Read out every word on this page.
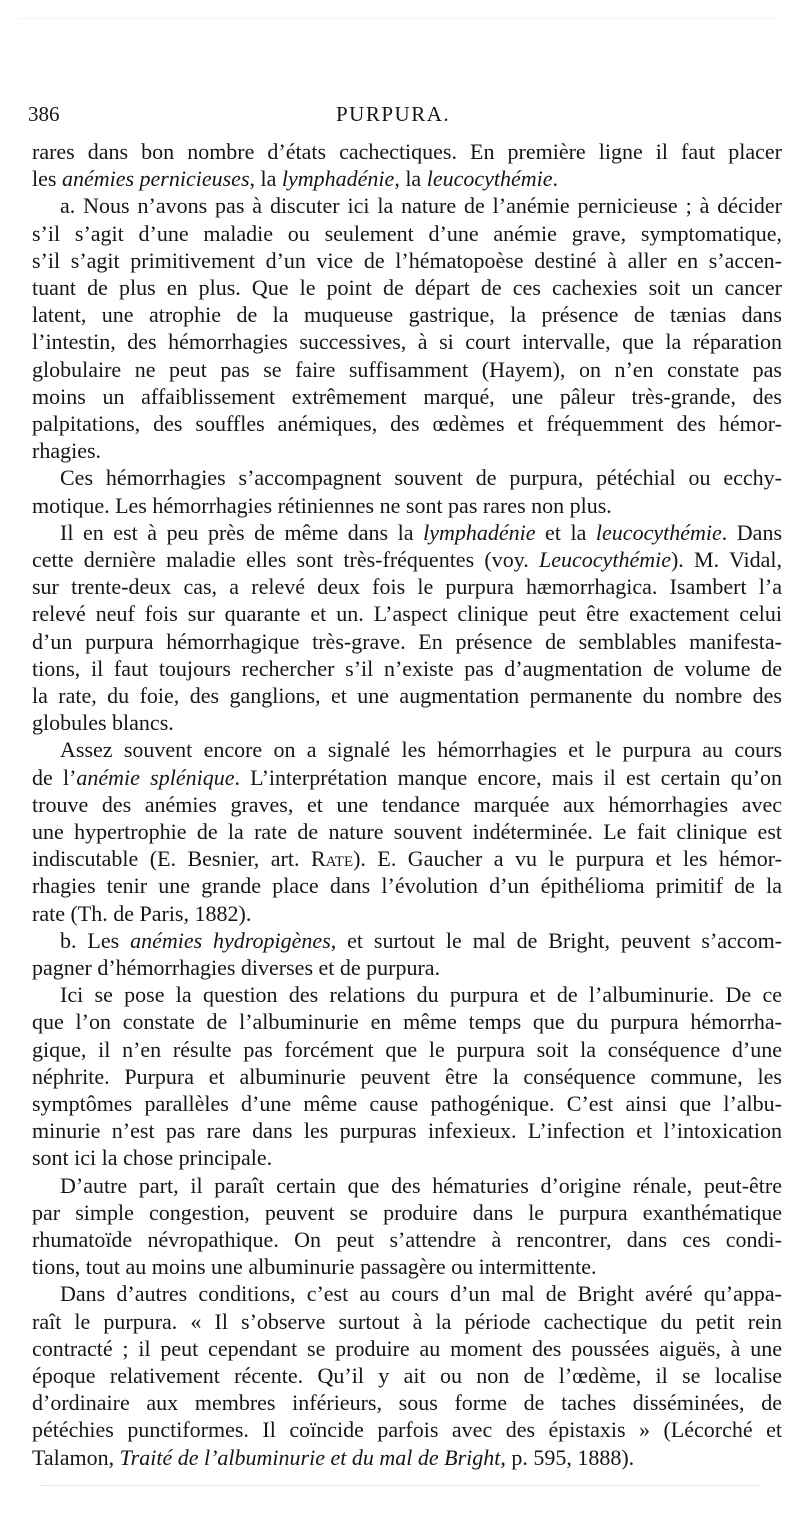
386	PURPURA.
rares dans bon nombre d’états cachectiques. En première ligne il faut placer
les anémies pernicieuses, la lymphadénie, la leucocythémie.
a. Nous n’avons pas à discuter ici la nature de l’anémie pernicieuse ; à décider
s’il s’agit d’une maladie ou seulement d’une anémie grave, symptomatique,
s’il s’agit primitivement d’un vice de l’hématopoèse destiné à aller en s’accen-
tuant de plus en plus. Que le point de départ de ces cachexies soit un cancer
latent, une atrophie de la muqueuse gastrique, la présence de tænias dans
l’intestin, des hémorrhagies successives, à si court intervalle, que la réparation
globulaire ne peut pas se faire suffisamment (Hayem), on n’en constate pas
moins un affaiblissement extrêmement marqué, une pâleur très-grande, des
palpitations, des souffles anémiques, des œdèmes et fréquemment des hémor-
rhagies.
Ces hémorrhagies s’accompagnent souvent de purpura, pétéchial ou ecchy-
motique. Les hémorrhagies rétiniennes ne sont pas rares non plus.
Il en est à peu près de même dans la lymphadénie et la leucocythémie. Dans
cette dernière maladie elles sont très-fréquentes (voy. Leucocythémie). M. Vidal,
sur trente-deux cas, a relevé deux fois le purpura hæmorrhagica. Isambert l’a
relevé neuf fois sur quarante et un. L’aspect clinique peut être exactement celui
d’un purpura hémorrhagique très-grave. En présence de semblables manifesta-
tions, il faut toujours rechercher s’il n’existe pas d’augmentation de volume de
la rate, du foie, des ganglions, et une augmentation permanente du nombre des
globules blancs.
Assez souvent encore on a signalé les hémorrhagies et le purpura au cours
de l’anémie splénique. L’interprétation manque encore, mais il est certain qu’on
trouve des anémies graves, et une tendance marquée aux hémorrhagies avec
une hypertrophie de la rate de nature souvent indéterminée. Le fait clinique est
indiscutable (E. Besnier, art. Rate). E. Gaucher a vu le purpura et les hémor-
rhagies tenir une grande place dans l’évolution d’un épithélioma primitif de la
rate (Th. de Paris, 1882).
b. Les anémies hydropigènes, et surtout le mal de Bright, peuvent s’accom-
pagner d’hémorrhagies diverses et de purpura.
Ici se pose la question des relations du purpura et de l’albuminurie. De ce
que l’on constate de l’albuminurie en même temps que du purpura hémorrha-
gique, il n’en résulte pas forcément que le purpura soit la conséquence d’une
néphrite. Purpura et albuminurie peuvent être la conséquence commune, les
symptômes parallèles d’une même cause pathogénique. C’est ainsi que l’albu-
minurie n’est pas rare dans les purpuras infexieux. L’infection et l’intoxication
sont ici la chose principale.
D’autre part, il paraît certain que des hématuries d’origine rénale, peut-être
par simple congestion, peuvent se produire dans le purpura exanthématique
rhumatoïde névropathique. On peut s’attendre à rencontrer, dans ces condi-
tions, tout au moins une albuminurie passagère ou intermittente.
Dans d’autres conditions, c’est au cours d’un mal de Bright avéré qu’appa-
raît le purpura. « Il s’observe surtout à la période cachectique du petit rein
contracté ; il peut cependant se produire au moment des poussées aiguës, à une
époque relativement récente. Qu’il y ait ou non de l’œdème, il se localise
d’ordinaire aux membres inférieurs, sous forme de taches disséminées, de
pétéchies punctiformes. Il coïncide parfois avec des épistaxis » (Lécorché et
Talamon, Traité de l’albuminurie et du mal de Bright, p. 595, 1888).
